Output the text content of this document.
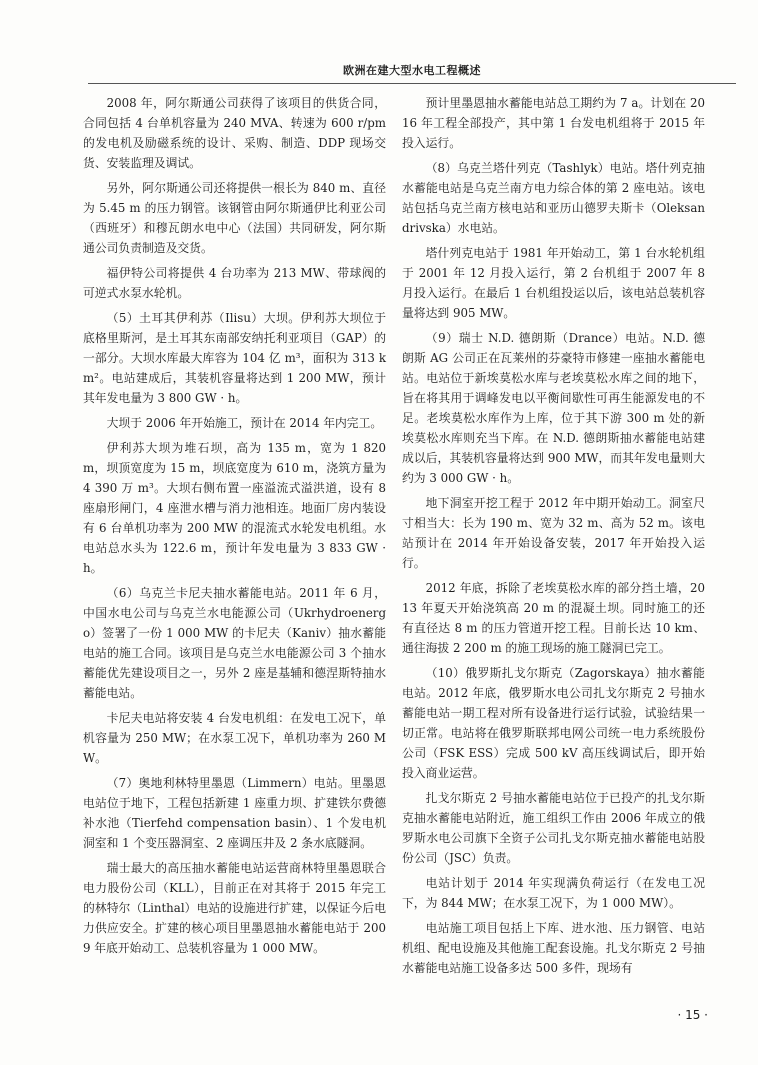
欧洲在建大型水电工程概述

2008 年，阿尔斯通公司获得了该项目的供货合同，合同包括 4 台单机容量为 240 MVA、转速为 600 r/pm 的发电机及励磁系统的设计、采购、制造、DDP 现场交货、安装监理及调试。

另外，阿尔斯通公司还将提供一根长为 840 m、直径为 5.45 m 的压力钢管。该钢管由阿尔斯通伊比利亚公司（西班牙）和穆瓦朗水电中心（法国）共同研发，阿尔斯通公司负责制造及交货。

福伊特公司将提供 4 台功率为 213 MW、带球阀的可逆式水泵水轮机。

（5）土耳其伊利苏（Ilisu）大坝。伊利苏大坝位于底格里斯河，是土耳其东南部安纳托利亚项目（GAP）的一部分。大坝水库最大库容为 104 亿 m³，面积为 313 km²。电站建成后，其装机容量将达到 1 200 MW，预计其年发电量为 3 800 GW · h。

大坝于 2006 年开始施工，预计在 2014 年内完工。

伊利苏大坝为堆石坝，高为 135 m，宽为 1 820 m，坝顶宽度为 15 m，坝底宽度为 610 m，浇筑方量为 4 390 万 m³。大坝右侧布置一座溢流式溢洪道，设有 8 座扇形闸门，4 座泄水槽与消力池相连。地面厂房内装设有 6 台单机功率为 200 MW 的混流式水轮发电机组。水电站总水头为 122.6 m，预计年发电量为 3 833 GW · h。

（6）乌克兰卡尼夫抽水蓄能电站。2011 年 6 月，中国水电公司与乌克兰水电能源公司（Ukrhydroenergo）签署了一份 1 000 MW 的卡尼夫（Kaniv）抽水蓄能电站的施工合同。该项目是乌克兰水电能源公司 3 个抽水蓄能优先建设项目之一，另外 2 座是基辅和德涅斯特抽水蓄能电站。

卡尼夫电站将安装 4 台发电机组：在发电工况下，单机容量为 250 MW；在水泵工况下，单机功率为 260 MW。

（7）奥地利林特里墨恩（Limmern）电站。里墨恩电站位于地下，工程包括新建 1 座重力坝、扩建铁尔费德补水池（Tierfehd compensation basin）、1 个发电机洞室和 1 个变压器洞室、2 座调压井及 2 条水底隧洞。

瑞士最大的高压抽水蓄能电站运营商林特里墨恩联合电力股份公司（KLL），目前正在对其将于 2015 年完工的林特尔（Linthal）电站的设施进行扩建，以保证今后电力供应安全。扩建的核心项目里墨恩抽水蓄能电站于 2009 年底开始动工、总装机容量为 1 000 MW。

预计里墨恩抽水蓄能电站总工期约为 7 a。计划在 2016 年工程全部投产，其中第 1 台发电机组将于 2015 年投入运行。

（8）乌克兰塔什列克（Tashlyk）电站。塔什列克抽水蓄能电站是乌克兰南方电力综合体的第 2 座电站。该电站包括乌克兰南方核电站和亚历山德罗夫斯卡（Oleksandrivska）水电站。

塔什列克电站于 1981 年开始动工，第 1 台水轮机组于 2001 年 12 月投入运行，第 2 台机组于 2007 年 8 月投入运行。在最后 1 台机组投运以后，该电站总装机容量将达到 905 MW。

（9）瑞士 N.D. 德朗斯（Drance）电站。N.D. 德朗斯 AG 公司正在瓦莱州的芬豪特市修建一座抽水蓄能电站。电站位于新埃莫松水库与老埃莫松水库之间的地下，旨在将其用于调峰发电以平衡间歇性可再生能源发电的不足。老埃莫松水库作为上库，位于其下游 300 m 处的新埃莫松水库则充当下库。在 N.D. 德朗斯抽水蓄能电站建成以后，其装机容量将达到 900 MW，而其年发电量则大约为 3 000 GW · h。

地下洞室开挖工程于 2012 年中期开始动工。洞室尺寸相当大：长为 190 m、宽为 32 m、高为 52 m。该电站预计在 2014 年开始设备安装，2017 年开始投入运行。

2012 年底，拆除了老埃莫松水库的部分挡土墙，2013 年夏天开始浇筑高 20 m 的混凝土坝。同时施工的还有直径达 8 m 的压力管道开挖工程。目前长达 10 km、通往海拔 2 200 m 的施工现场的施工隧洞已完工。

（10）俄罗斯扎戈尔斯克（Zagorskaya）抽水蓄能电站。2012 年底，俄罗斯水电公司扎戈尔斯克 2 号抽水蓄能电站一期工程对所有设备进行运行试验，试验结果一切正常。电站将在俄罗斯联邦电网公司统一电力系统股份公司（FSK ESS）完成 500 kV 高压线调试后，即开始投入商业运营。

扎戈尔斯克 2 号抽水蓄能电站位于已投产的扎戈尔斯克抽水蓄能电站附近，施工组织工作由 2006 年成立的俄罗斯水电公司旗下全资子公司扎戈尔斯克抽水蓄能电站股份公司（JSC）负责。

电站计划于 2014 年实现满负荷运行（在发电工况下，为 844 MW；在水泵工况下，为 1 000 MW）。

电站施工项目包括上下库、进水池、压力钢管、电站机组、配电设施及其他施工配套设施。扎戈尔斯克 2 号抽水蓄能电站施工设备多达 500 多件，现场有

· 15 ·
